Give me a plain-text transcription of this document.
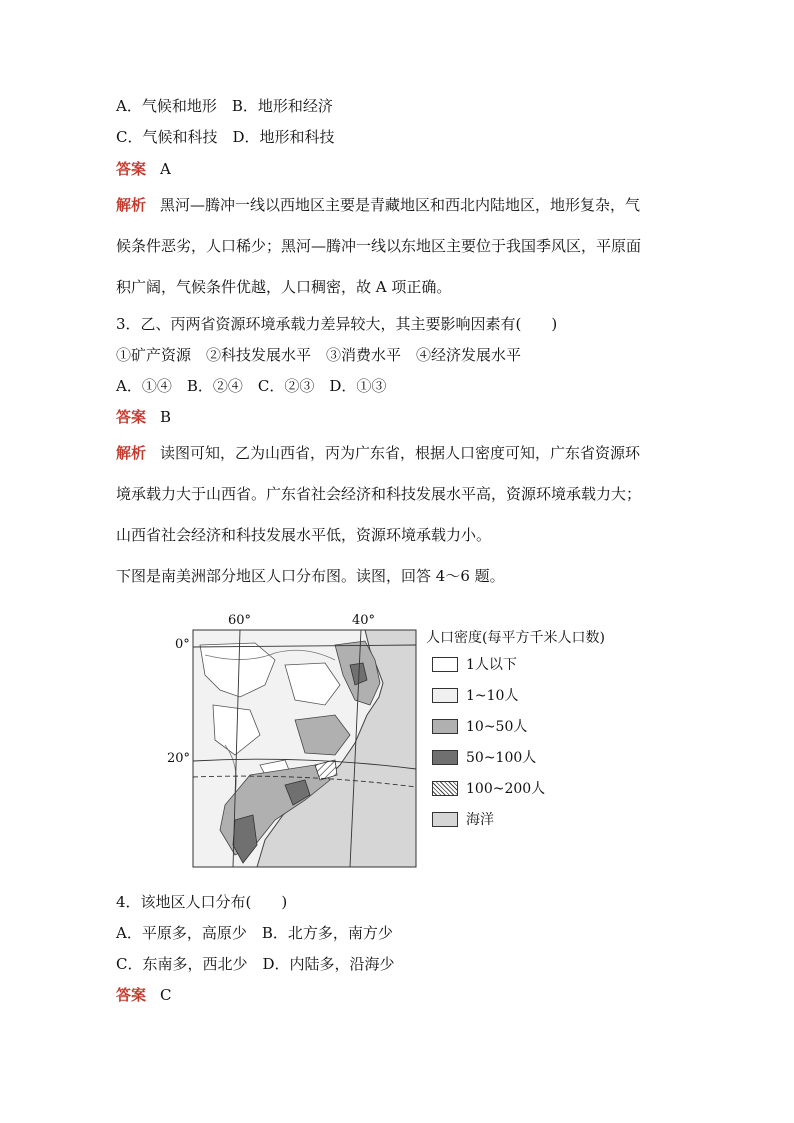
A．气候和地形　B．地形和经济
C．气候和科技　D．地形和科技
答案 A
解析 黑河—腾冲一线以西地区主要是青藏地区和西北内陆地区，地形复杂，气
候条件恶劣，人口稀少；黑河—腾冲一线以东地区主要位于我国季风区，平原面
积广阔，气候条件优越，人口稠密，故 A 项正确。
3．乙、丙两省资源环境承载力差异较大，其主要影响因素有(　　)
①矿产资源　②科技发展水平　③消费水平　④经济发展水平
A．①④　B．②④　C．②③　D．①③
答案 B
解析 读图可知，乙为山西省，丙为广东省，根据人口密度可知，广东省资源环
境承载力大于山西省。广东省社会经济和科技发展水平高，资源环境承载力大；
山西省社会经济和科技发展水平低，资源环境承载力小。
下图是南美洲部分地区人口分布图。读图，回答 4～6 题。
60°	40°
0°
20°
人口密度(每平方千米人口数)
1人以下
1~10人
10~50人
50~100人
100~200人
海洋
4．该地区人口分布(　　)
A．平原多，高原少　B．北方多，南方少
C．东南多，西北少　D．内陆多，沿海少
答案 C
